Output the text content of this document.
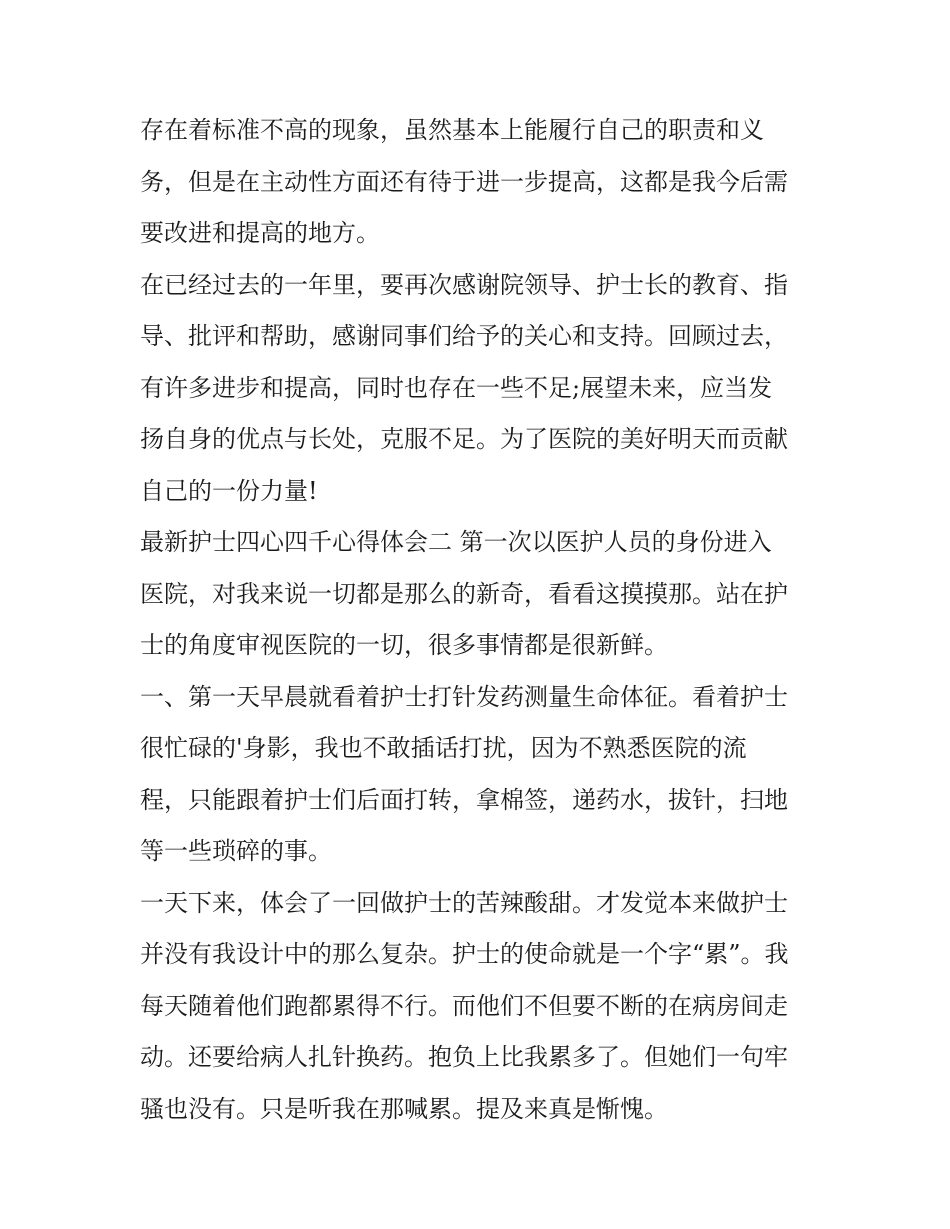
存在着标准不高的现象，虽然基本上能履行自己的职责和义
务，但是在主动性方面还有待于进一步提高，这都是我今后需
要改进和提高的地方。
在已经过去的一年里，要再次感谢院领导、护士长的教育、指
导、批评和帮助，感谢同事们给予的关心和支持。回顾过去，
有许多进步和提高，同时也存在一些不足;展望未来，应当发
扬自身的优点与长处，克服不足。为了医院的美好明天而贡献
自己的一份力量!
最新护士四心四千心得体会二 第一次以医护人员的身份进入
医院，对我来说一切都是那么的新奇，看看这摸摸那。站在护
士的角度审视医院的一切，很多事情都是很新鲜。
一、第一天早晨就看着护士打针发药测量生命体征。看着护士
很忙碌的'身影，我也不敢插话打扰，因为不熟悉医院的流
程，只能跟着护士们后面打转，拿棉签，递药水，拔针，扫地
等一些琐碎的事。
一天下来，体会了一回做护士的苦辣酸甜。才发觉本来做护士
并没有我设计中的那么复杂。护士的使命就是一个字“累”。我
每天随着他们跑都累得不行。而他们不但要不断的在病房间走
动。还要给病人扎针换药。抱负上比我累多了。但她们一句牢
骚也没有。只是听我在那喊累。提及来真是惭愧。
